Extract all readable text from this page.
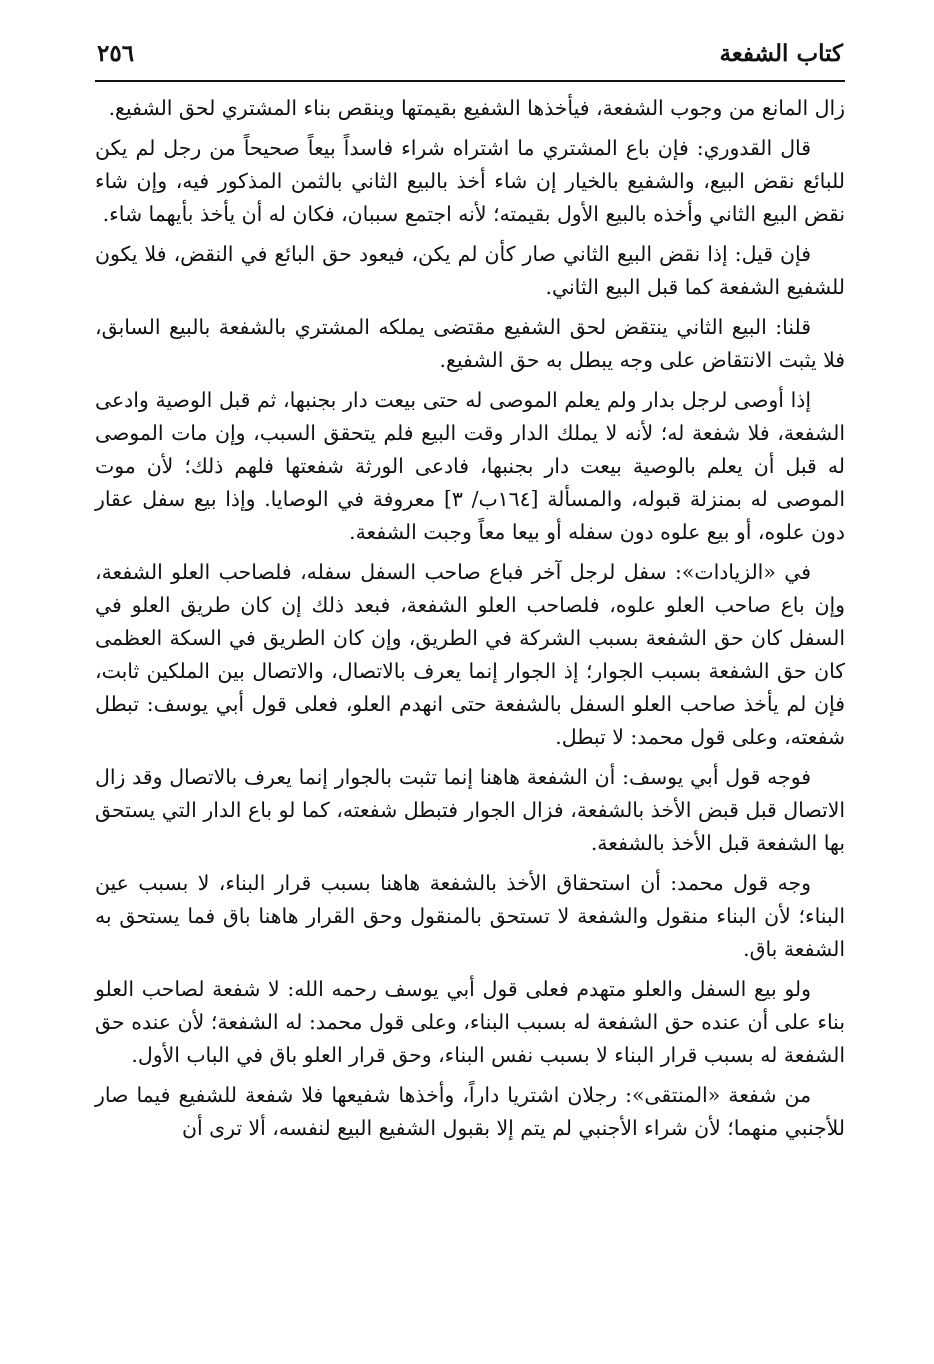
كتاب الشفعة
٢٥٦

زال المانع من وجوب الشفعة، فيأخذها الشفيع بقيمتها وينقص بناء المشتري لحق الشفيع.

قال القدوري: فإن باع المشتري ما اشتراه شراء فاسداً بيعاً صحيحاً من رجل لم يكن للبائع نقض البيع، والشفيع بالخيار إن شاء أخذ بالبيع الثاني بالثمن المذكور فيه، وإن شاء نقض البيع الثاني وأخذه بالبيع الأول بقيمته؛ لأنه اجتمع سببان، فكان له أن يأخذ بأيهما شاء.

فإن قيل: إذا نقض البيع الثاني صار كأن لم يكن، فيعود حق البائع في النقض، فلا يكون للشفيع الشفعة كما قبل البيع الثاني.

قلنا: البيع الثاني ينتقض لحق الشفيع مقتضى يملكه المشتري بالشفعة بالبيع السابق، فلا يثبت الانتقاض على وجه يبطل به حق الشفيع.

إذا أوصى لرجل بدار ولم يعلم الموصى له حتى بيعت دار بجنبها، ثم قبل الوصية وادعى الشفعة، فلا شفعة له؛ لأنه لا يملك الدار وقت البيع فلم يتحقق السبب، وإن مات الموصى له قبل أن يعلم بالوصية بيعت دار بجنبها، فادعى الورثة شفعتها فلهم ذلك؛ لأن موت الموصى له بمنزلة قبوله، والمسألة [١٦٤ب/ ٣] معروفة في الوصايا. وإذا بيع سفل عقار دون علوه، أو بيع علوه دون سفله أو بيعا معاً وجبت الشفعة.

في «الزيادات»: سفل لرجل آخر فباع صاحب السفل سفله، فلصاحب العلو الشفعة، وإن باع صاحب العلو علوه، فلصاحب العلو الشفعة، فبعد ذلك إن كان طريق العلو في السفل كان حق الشفعة بسبب الشركة في الطريق، وإن كان الطريق في السكة العظمى كان حق الشفعة بسبب الجوار؛ إذ الجوار إنما يعرف بالاتصال، والاتصال بين الملكين ثابت، فإن لم يأخذ صاحب العلو السفل بالشفعة حتى انهدم العلو، فعلى قول أبي يوسف: تبطل شفعته، وعلى قول محمد: لا تبطل.

فوجه قول أبي يوسف: أن الشفعة هاهنا إنما تثبت بالجوار إنما يعرف بالاتصال وقد زال الاتصال قبل قبض الأخذ بالشفعة، فزال الجوار فتبطل شفعته، كما لو باع الدار التي يستحق بها الشفعة قبل الأخذ بالشفعة.

وجه قول محمد: أن استحقاق الأخذ بالشفعة هاهنا بسبب قرار البناء، لا بسبب عين البناء؛ لأن البناء منقول والشفعة لا تستحق بالمنقول وحق القرار هاهنا باق فما يستحق به الشفعة باق.

ولو بيع السفل والعلو متهدم فعلى قول أبي يوسف رحمه الله: لا شفعة لصاحب العلو بناء على أن عنده حق الشفعة له بسبب البناء، وعلى قول محمد: له الشفعة؛ لأن عنده حق الشفعة له بسبب قرار البناء لا بسبب نفس البناء، وحق قرار العلو باق في الباب الأول.

من شفعة «المنتقى»: رجلان اشتريا داراً، وأخذها شفيعها فلا شفعة للشفيع فيما صار للأجنبي منهما؛ لأن شراء الأجنبي لم يتم إلا بقبول الشفيع البيع لنفسه، ألا ترى أن
